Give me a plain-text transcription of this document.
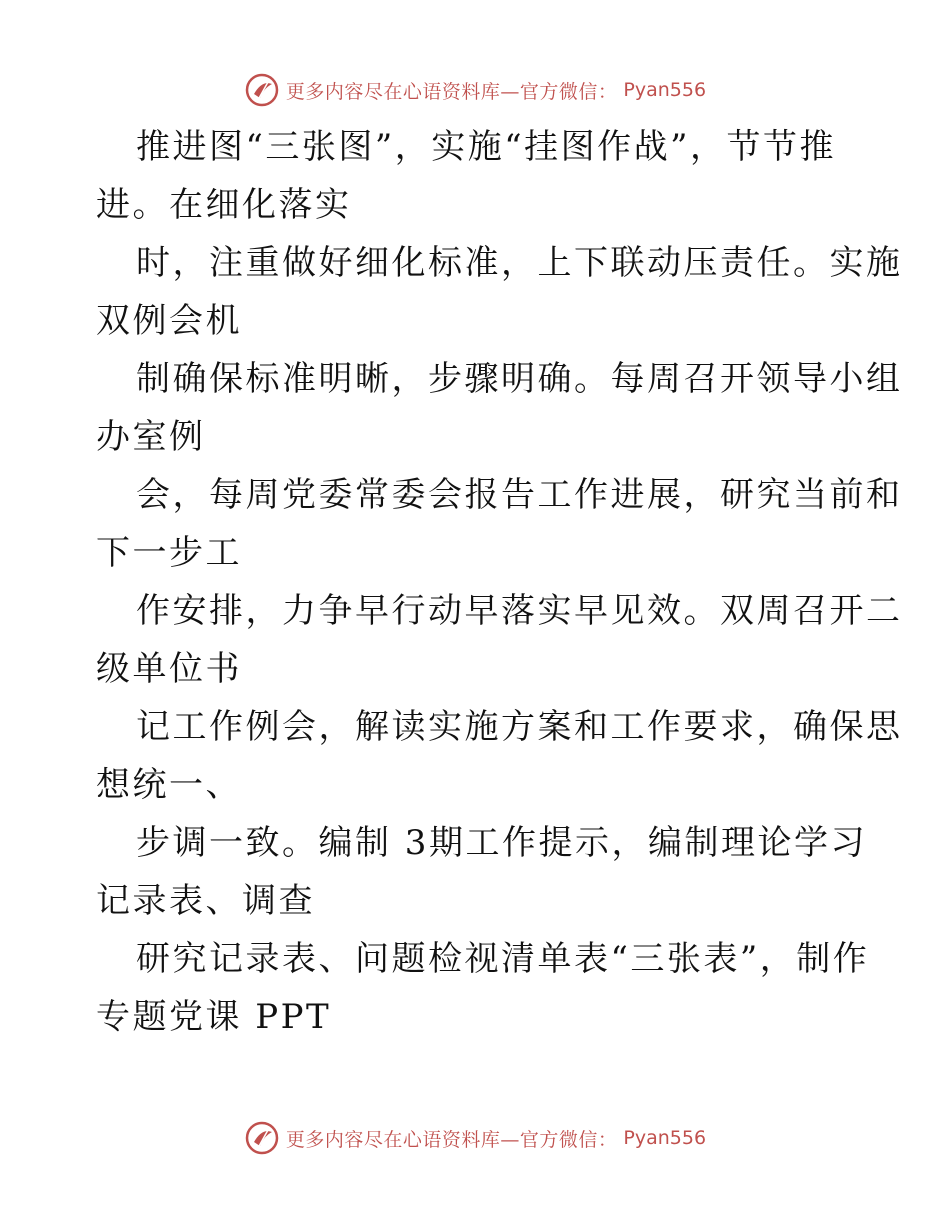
更多内容尽在心语资料库—官方微信： Pyan556
推进图“三张图”，实施“挂图作战”，节节推
进。在细化落实
时，注重做好细化标准，上下联动压责任。实施
双例会机
制确保标准明晰，步骤明确。每周召开领导小组
办室例
会，每周党委常委会报告工作进展，研究当前和
下一步工
作安排，力争早行动早落实早见效。双周召开二
级单位书
记工作例会，解读实施方案和工作要求，确保思
想统一、
步调一致。编制 3期工作提示，编制理论学习
记录表、调查
研究记录表、问题检视清单表“三张表”，制作
专题党课 PPT
更多内容尽在心语资料库—官方微信： Pyan556
